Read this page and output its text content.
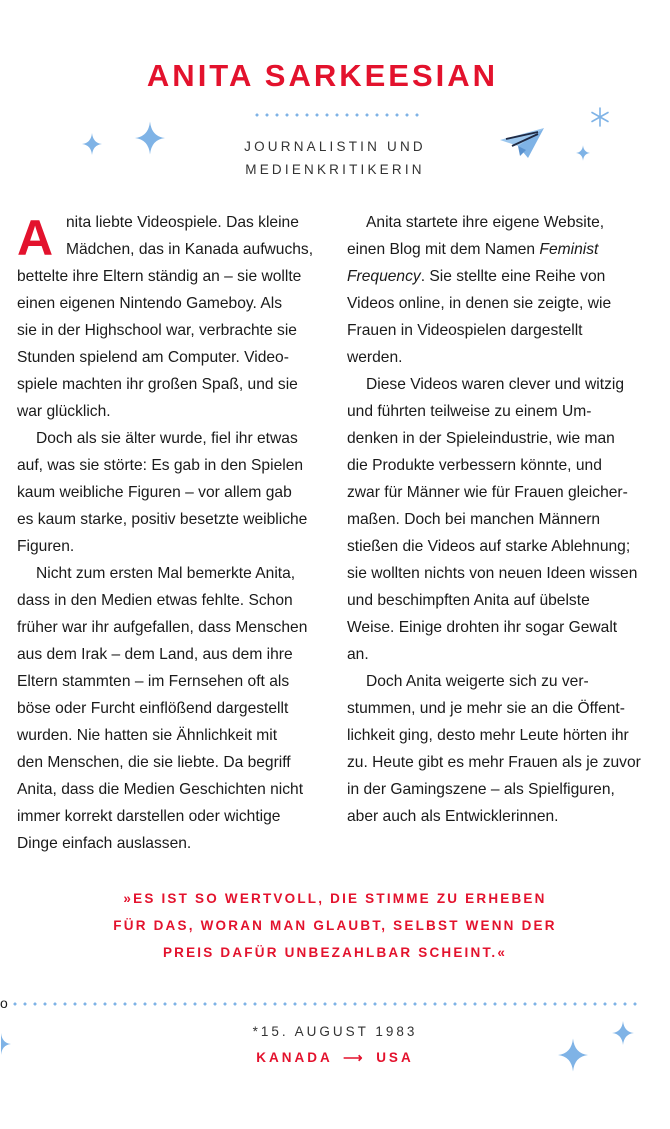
ANITA SARKEESIAN
JOURNALISTIN UND
MEDIENKRITIKERIN
A nita liebte Videospiele. Das kleine

Mädchen, das in Kanada aufwuchs,

bettelte ihre Eltern ständig an – sie wollte

einen eigenen Nintendo Gameboy. Als

sie in der Highschool war, verbrachte sie

Stunden spielend am Computer. Video-

spiele machten ihr großen Spaß, und sie

war glücklich.

Doch als sie älter wurde, fiel ihr etwas

auf, was sie störte: Es gab in den Spielen

kaum weibliche Figuren – vor allem gab

es kaum starke, positiv besetzte weibliche

Figuren.

Nicht zum ersten Mal bemerkte Anita,

dass in den Medien etwas fehlte. Schon

früher war ihr aufgefallen, dass Menschen

aus dem Irak – dem Land, aus dem ihre

Eltern stammten – im Fernsehen oft als

böse oder Furcht einflößend dargestellt

wurden. Nie hatten sie Ähnlichkeit mit

den Menschen, die sie liebte. Da begriff

Anita, dass die Medien Geschichten nicht

immer korrekt darstellen oder wichtige

Dinge einfach auslassen.

Anita startete ihre eigene Website,

einen Blog mit dem Namen Feminist

Frequency. Sie stellte eine Reihe von

Videos online, in denen sie zeigte, wie

Frauen in Videospielen dargestellt

werden.

Diese Videos waren clever und witzig

und führten teilweise zu einem Um-

denken in der Spieleindustrie, wie man

die Produkte verbessern könnte, und

zwar für Männer wie für Frauen gleicher-

maßen. Doch bei manchen Männern

stießen die Videos auf starke Ablehnung;

sie wollten nichts von neuen Ideen wissen

und beschimpften Anita auf übelste

Weise. Einige drohten ihr sogar Gewalt

an.

Doch Anita weigerte sich zu ver-

stummen, und je mehr sie an die Öffent-

lichkeit ging, desto mehr Leute hörten ihr

zu. Heute gibt es mehr Frauen als je zuvor

in der Gamingszene – als Spielfiguren,

aber auch als Entwicklerinnen.

»ES IST SO WERTVOLL, DIE STIMME ZU ERHEBEN

FÜR DAS, WORAN MAN GLAUBT, SELBST WENN DER

PREIS DAFÜR UNBEZAHLBAR SCHEINT.«

o
*15. AUGUST 1983
KANADA ⟶ USA
